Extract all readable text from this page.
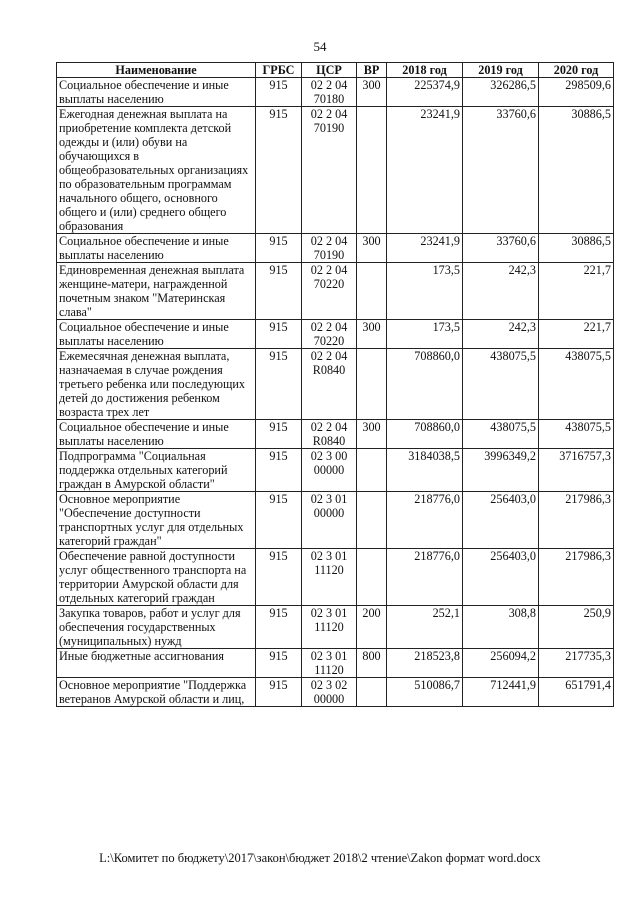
54
Наименование	ГРБС	ЦСР	ВР	2018 год	2019 год	2020 год
Социальное обеспечение и иные выплаты населению	915	02 2 04 70180	300	225374,9	326286,5	298509,6
Ежегодная денежная выплата на приобретение комплекта детской одежды и (или) обуви на обучающихся в общеобразовательных организациях по образовательным программам начального общего, основного общего и (или) среднего общего образования	915	02 2 04 70190		23241,9	33760,6	30886,5
Социальное обеспечение и иные выплаты населению	915	02 2 04 70190	300	23241,9	33760,6	30886,5
Единовременная денежная выплата женщине-матери, награжденной почетным знаком "Материнская слава"	915	02 2 04 70220		173,5	242,3	221,7
Социальное обеспечение и иные выплаты населению	915	02 2 04 70220	300	173,5	242,3	221,7
Ежемесячная денежная выплата, назначаемая в случае рождения третьего ребенка или последующих детей до достижения ребенком возраста трех лет	915	02 2 04 R0840		708860,0	438075,5	438075,5
Социальное обеспечение и иные выплаты населению	915	02 2 04 R0840	300	708860,0	438075,5	438075,5
Подпрограмма "Социальная поддержка отдельных категорий граждан в Амурской области"	915	02 3 00 00000		3184038,5	3996349,2	3716757,3
Основное мероприятие "Обеспечение доступности транспортных услуг для отдельных категорий граждан"	915	02 3 01 00000		218776,0	256403,0	217986,3
Обеспечение равной доступности услуг общественного транспорта на территории Амурской области для отдельных категорий граждан	915	02 3 01 11120		218776,0	256403,0	217986,3
Закупка товаров, работ и услуг для обеспечения государственных (муниципальных) нужд	915	02 3 01 11120	200	252,1	308,8	250,9
Иные бюджетные ассигнования	915	02 3 01 11120	800	218523,8	256094,2	217735,3
Основное мероприятие "Поддержка ветеранов Амурской области и лиц,	915	02 3 02 00000		510086,7	712441,9	651791,4
L:\Комитет по бюджету\2017\закон\бюджет 2018\2 чтение\Zakon формат word.docx
